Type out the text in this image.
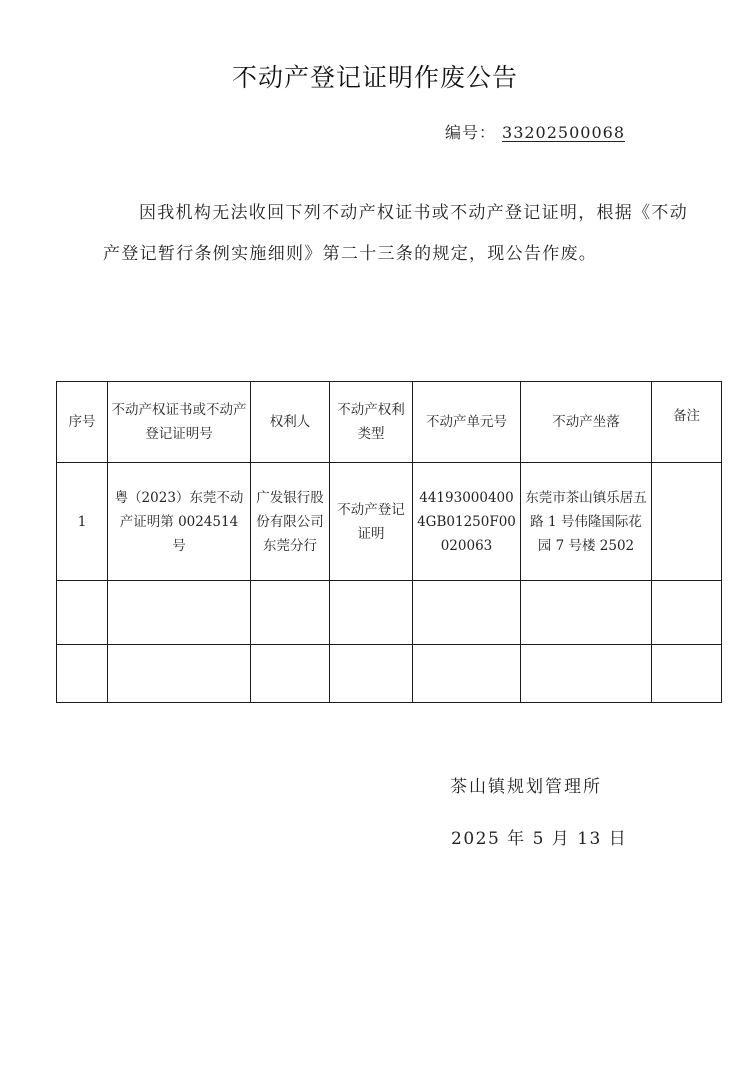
不动产登记证明作废公告
编号： 33202500068

因我机构无法收回下列不动产权证书或不动产登记证明，根据《不动产登记暂行条例实施细则》第二十三条的规定，现公告作废。

序号	不动产权证书或不动产登记证明号	权利人	不动产权利类型	不动产单元号	不动产坐落	备注
1	粤（2023）东莞不动产证明第 0024514 号	广发银行股份有限公司东莞分行	不动产登记证明	441930004004GB01250F00020063	东莞市茶山镇乐居五路 1 号伟隆国际花园 7 号楼 2502	

茶山镇规划管理所
2025 年 5 月 13 日
